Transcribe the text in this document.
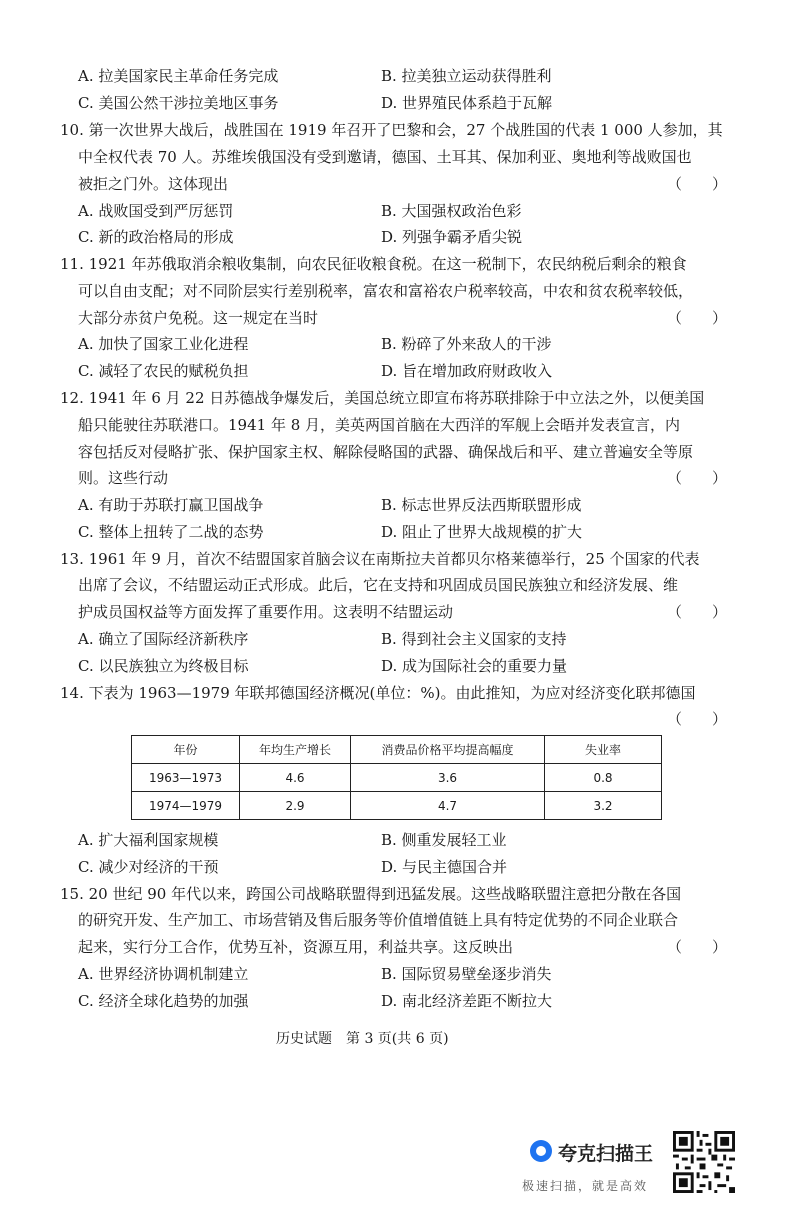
A. 拉美国家民主革命任务完成	B. 拉美独立运动获得胜利
C. 美国公然干涉拉美地区事务	D. 世界殖民体系趋于瓦解
10. 第一次世界大战后，战胜国在 1919 年召开了巴黎和会，27 个战胜国的代表 1 000 人参加，其
中全权代表 70 人。苏维埃俄国没有受到邀请，德国、土耳其、保加利亚、奥地利等战败国也
被拒之门外。这体现出	（　　）
A. 战败国受到严厉惩罚	B. 大国强权政治色彩
C. 新的政治格局的形成	D. 列强争霸矛盾尖锐
11. 1921 年苏俄取消余粮收集制，向农民征收粮食税。在这一税制下，农民纳税后剩余的粮食
可以自由支配；对不同阶层实行差别税率，富农和富裕农户税率较高，中农和贫农税率较低，
大部分赤贫户免税。这一规定在当时	（　　）
A. 加快了国家工业化进程	B. 粉碎了外来敌人的干涉
C. 减轻了农民的赋税负担	D. 旨在增加政府财政收入
12. 1941 年 6 月 22 日苏德战争爆发后，美国总统立即宣布将苏联排除于中立法之外，以便美国
船只能驶往苏联港口。1941 年 8 月，美英两国首脑在大西洋的军舰上会晤并发表宣言，内
容包括反对侵略扩张、保护国家主权、解除侵略国的武器、确保战后和平、建立普遍安全等原
则。这些行动	（　　）
A. 有助于苏联打赢卫国战争	B. 标志世界反法西斯联盟形成
C. 整体上扭转了二战的态势	D. 阻止了世界大战规模的扩大
13. 1961 年 9 月，首次不结盟国家首脑会议在南斯拉夫首都贝尔格莱德举行，25 个国家的代表
出席了会议，不结盟运动正式形成。此后，它在支持和巩固成员国民族独立和经济发展、维
护成员国权益等方面发挥了重要作用。这表明不结盟运动	（　　）
A. 确立了国际经济新秩序	B. 得到社会主义国家的支持
C. 以民族独立为终极目标	D. 成为国际社会的重要力量
14. 下表为 1963—1979 年联邦德国经济概况(单位：%)。由此推知，为应对经济变化联邦德国
（　　）
年份	年均生产增长	消费品价格平均提高幅度	失业率
1963—1973	4.6	3.6	0.8
1974—1979	2.9	4.7	3.2
A. 扩大福利国家规模	B. 侧重发展轻工业
C. 减少对经济的干预	D. 与民主德国合并
15. 20 世纪 90 年代以来，跨国公司战略联盟得到迅猛发展。这些战略联盟注意把分散在各国
的研究开发、生产加工、市场营销及售后服务等价值增值链上具有特定优势的不同企业联合
起来，实行分工合作，优势互补，资源互用，利益共享。这反映出	（　　）
A. 世界经济协调机制建立	B. 国际贸易壁垒逐步消失
C. 经济全球化趋势的加强	D. 南北经济差距不断拉大
历史试题　第 3 页(共 6 页)
夸克扫描王
极速扫描，就是高效
